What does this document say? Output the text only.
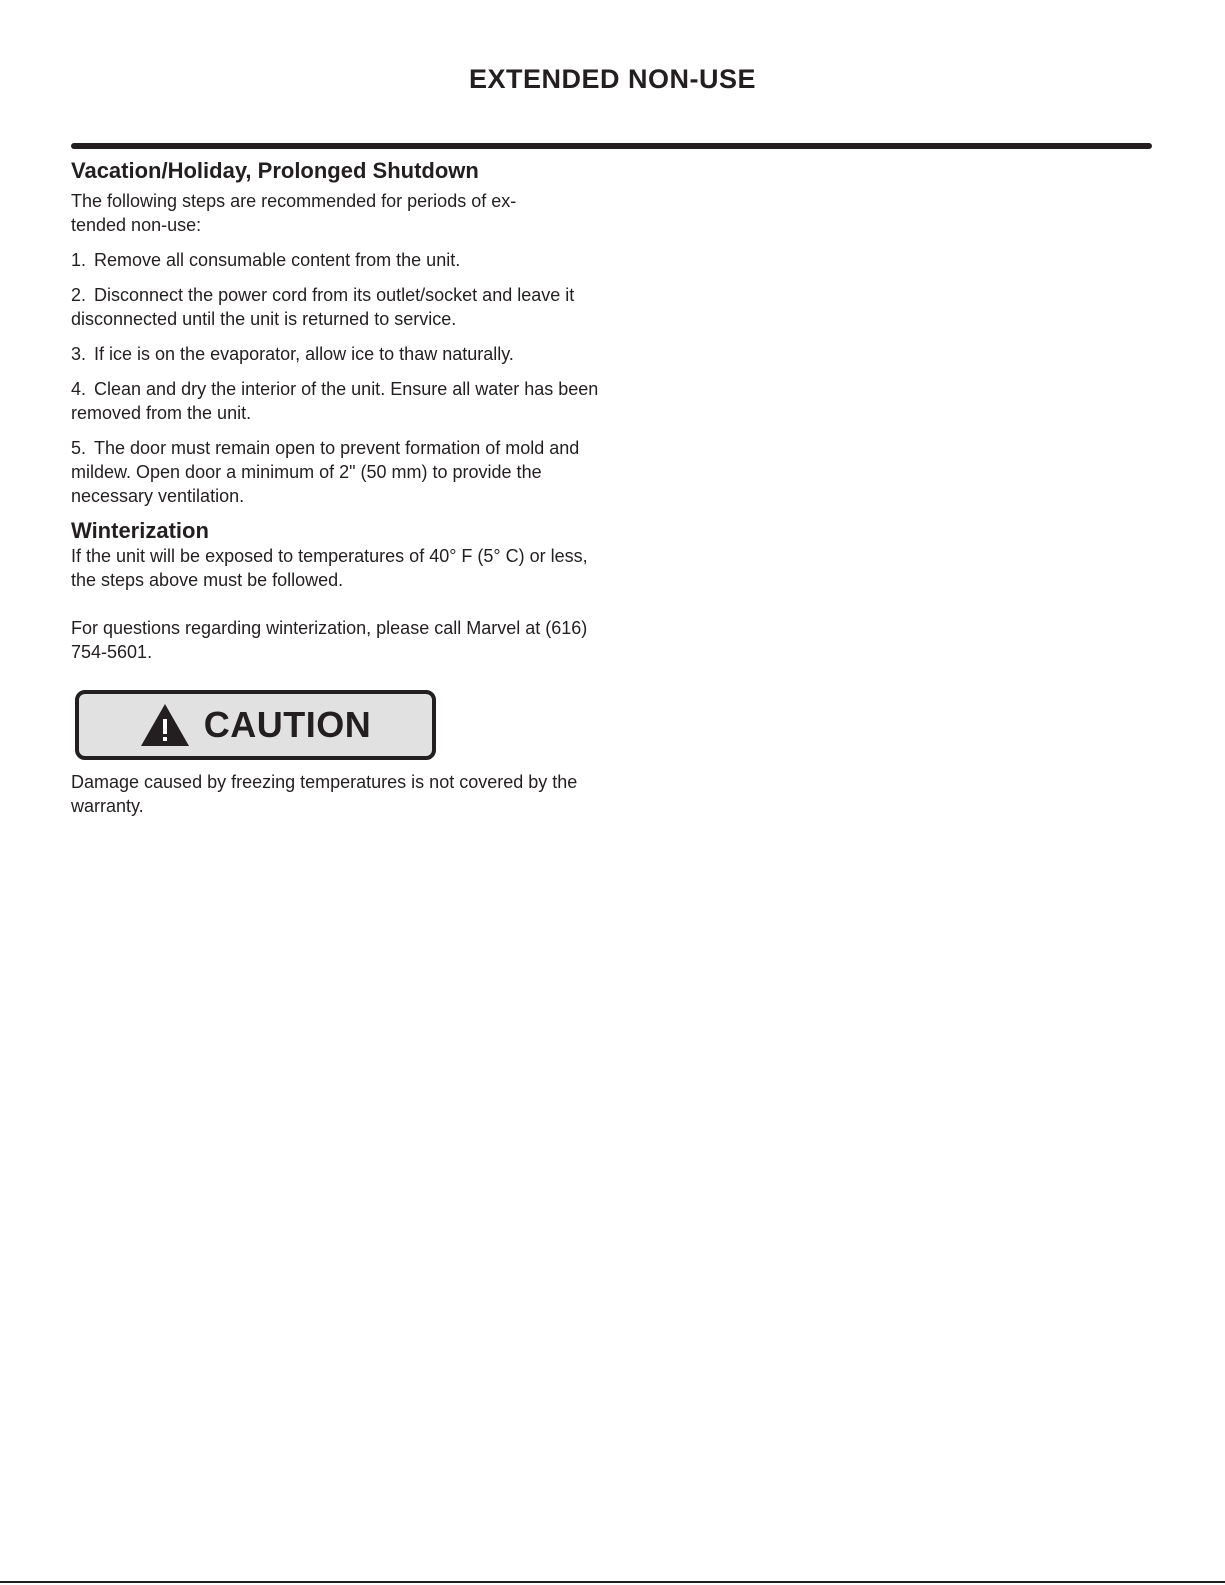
EXTENDED NON-USE
Vacation/Holiday, Prolonged Shutdown

The following steps are recommended for periods of ex-
tended non-use:

1. Remove all consumable content from the unit.

2. Disconnect the power cord from its outlet/socket and leave it disconnected until the unit is returned to service.

3. If ice is on the evaporator, allow ice to thaw naturally.

4. Clean and dry the interior of the unit. Ensure all water has been removed from the unit.

5. The door must remain open to prevent formation of mold and mildew. Open door a minimum of 2" (50 mm) to provide the necessary ventilation.

Winterization

If the unit will be exposed to temperatures of 40° F (5° C) or less, the steps above must be followed.

For questions regarding winterization, please call Marvel at (616) 754-5601.

CAUTION

Damage caused by freezing temperatures is not covered by the warranty.
